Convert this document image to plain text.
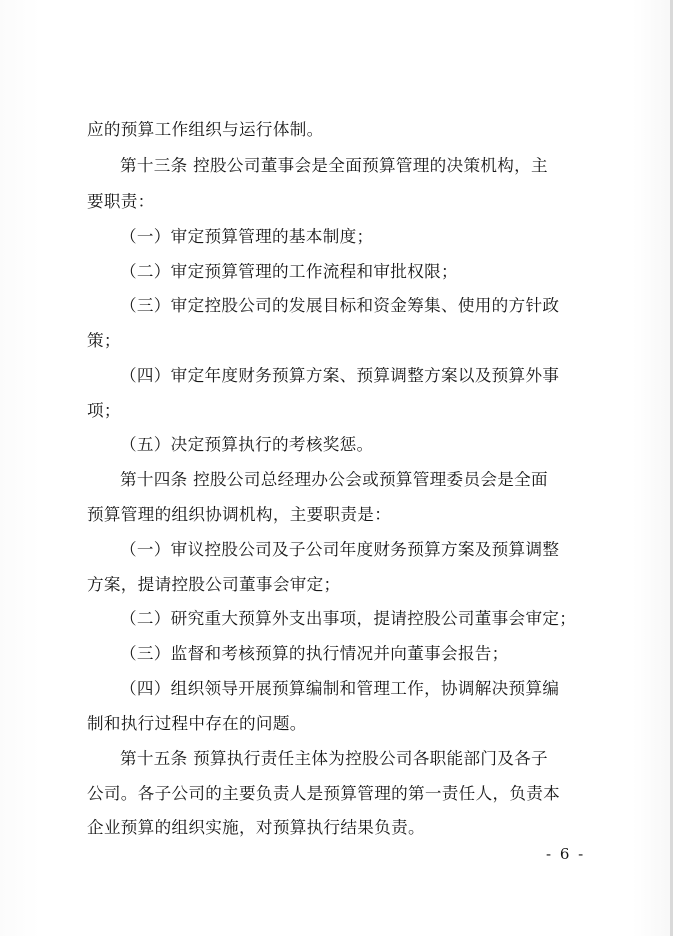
应的预算工作组织与运行体制。
第十三条 控股公司董事会是全面预算管理的决策机构，主
要职责：
（一）审定预算管理的基本制度；
（二）审定预算管理的工作流程和审批权限；
（三）审定控股公司的发展目标和资金筹集、使用的方针政
策；
（四）审定年度财务预算方案、预算调整方案以及预算外事
项；
（五）决定预算执行的考核奖惩。
第十四条 控股公司总经理办公会或预算管理委员会是全面
预算管理的组织协调机构，主要职责是：
（一）审议控股公司及子公司年度财务预算方案及预算调整
方案，提请控股公司董事会审定；
（二）研究重大预算外支出事项，提请控股公司董事会审定；
（三）监督和考核预算的执行情况并向董事会报告；
（四）组织领导开展预算编制和管理工作，协调解决预算编
制和执行过程中存在的问题。
第十五条 预算执行责任主体为控股公司各职能部门及各子
公司。各子公司的主要负责人是预算管理的第一责任人，负责本
企业预算的组织实施，对预算执行结果负责。
- 6 -
